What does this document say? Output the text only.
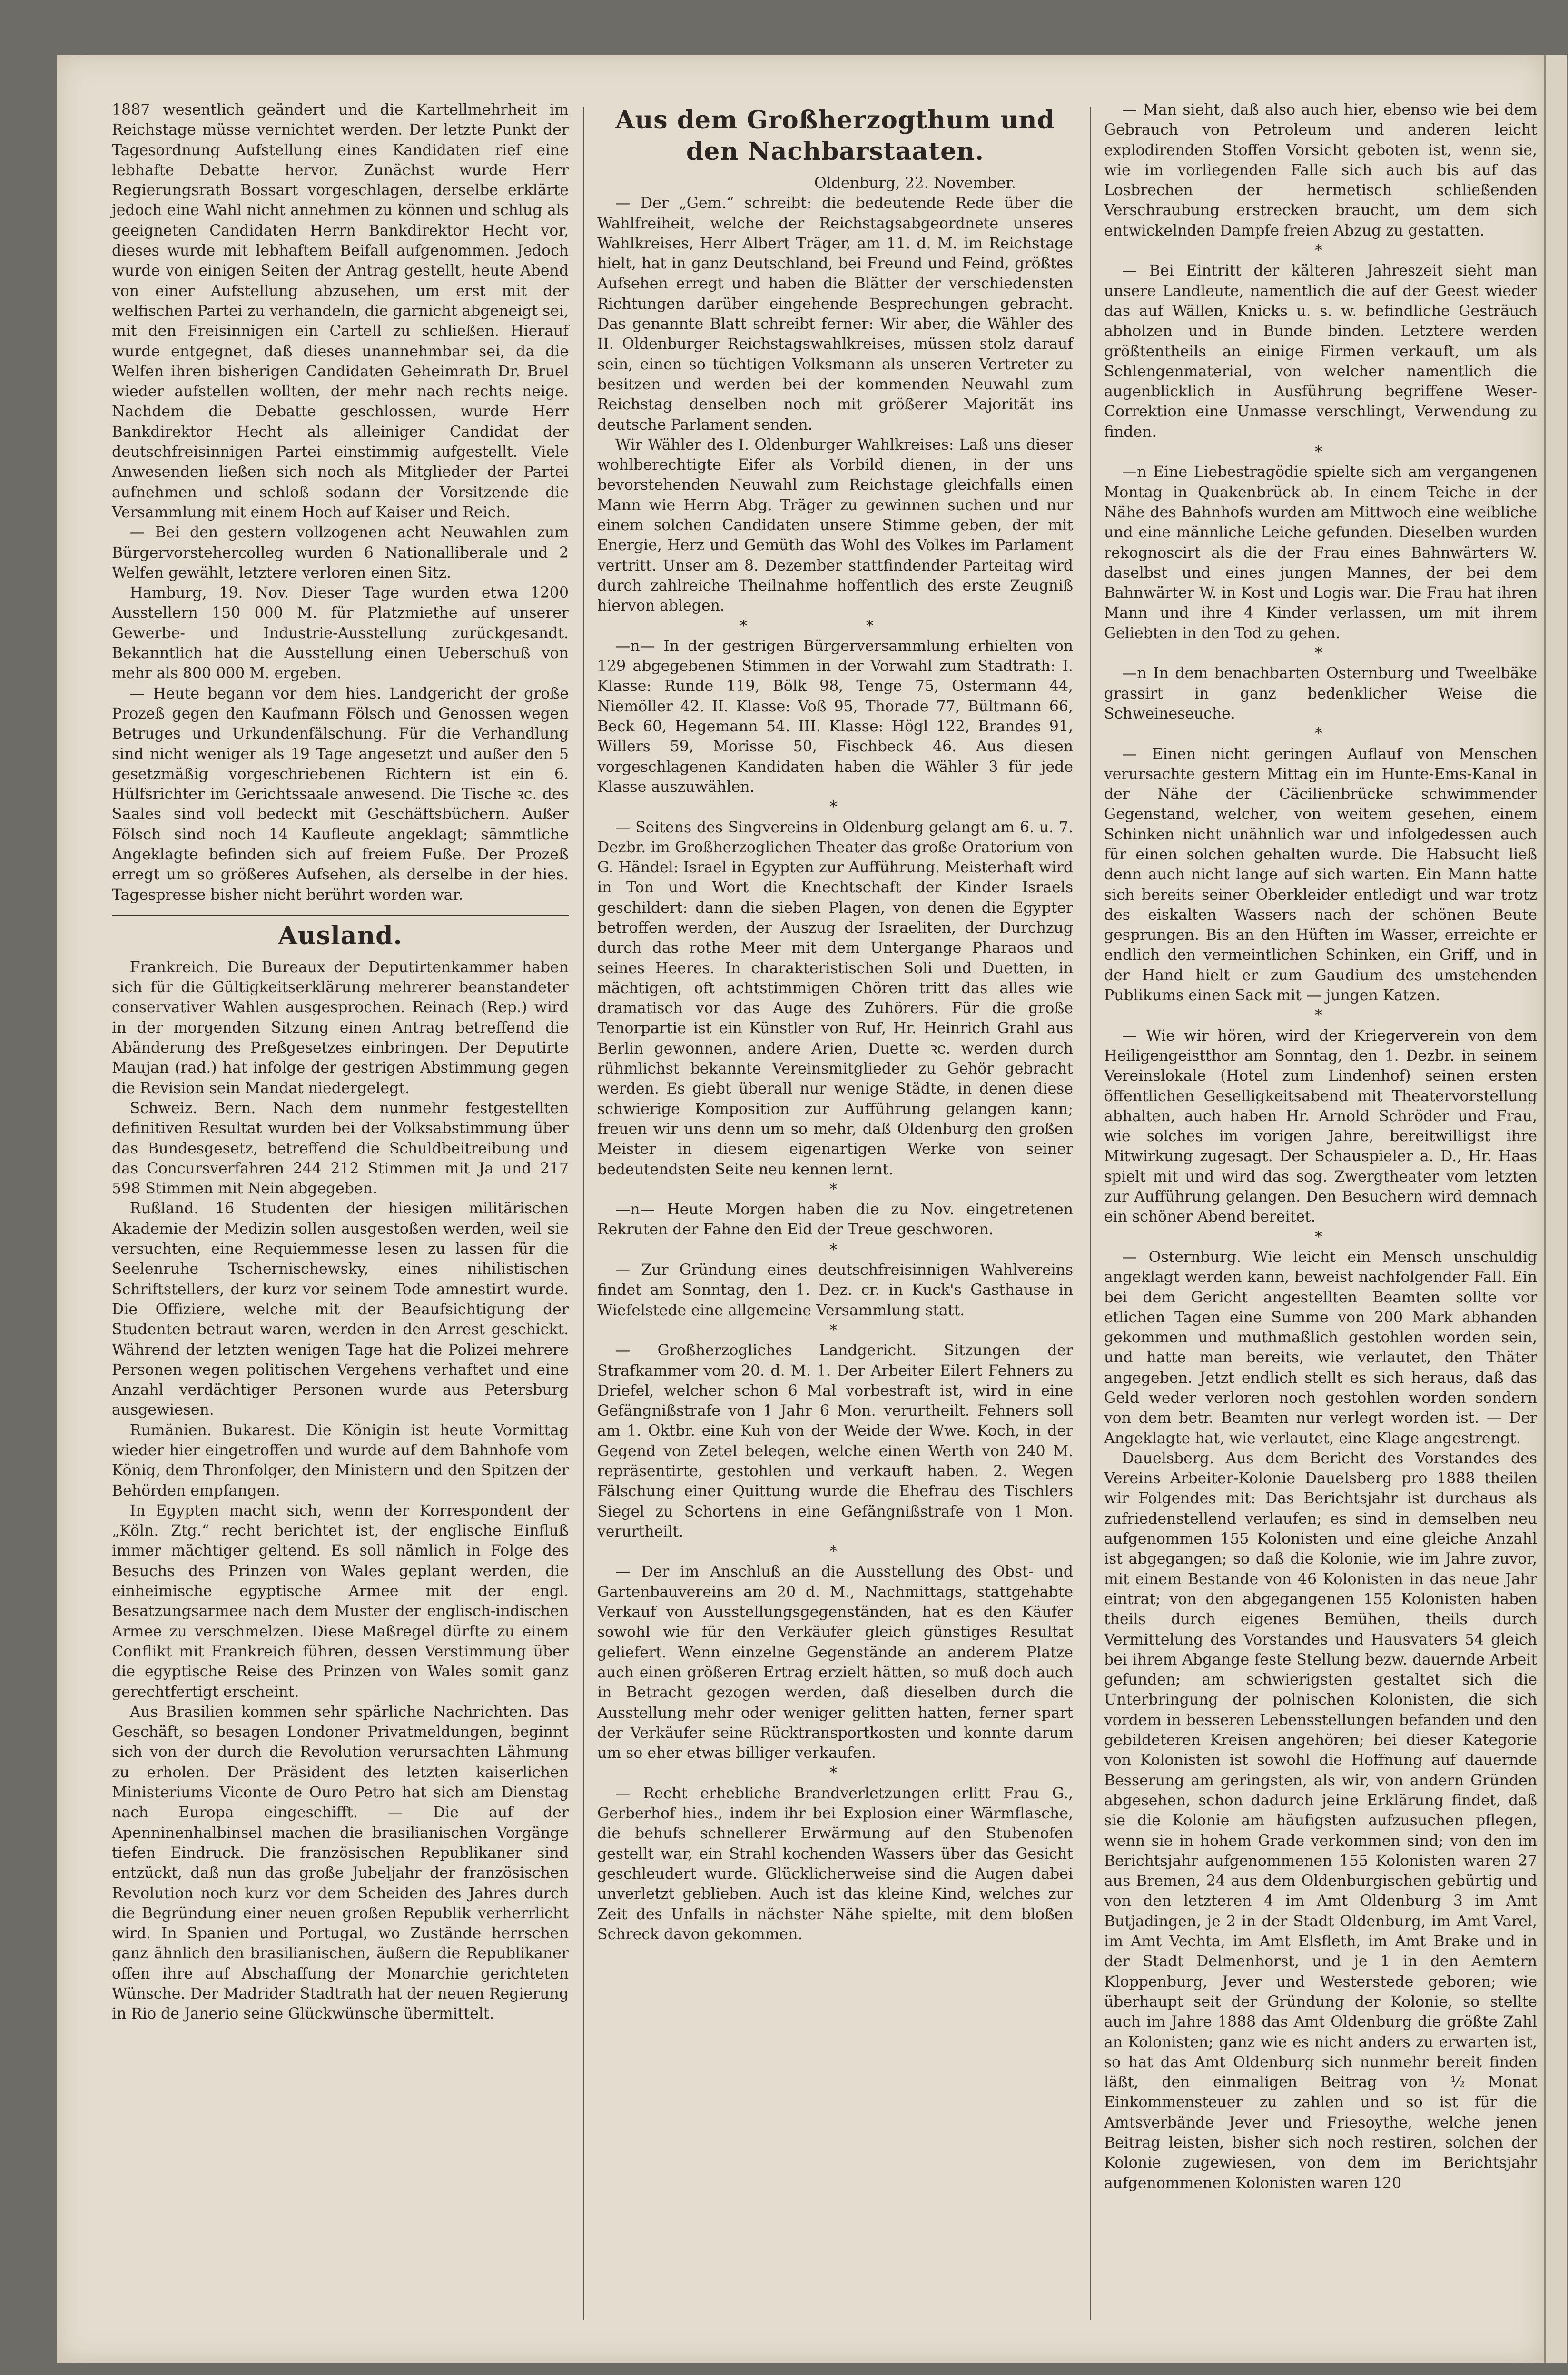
1887 wesentlich geändert und die Kartellmehrheit im Reichstage müsse vernichtet werden. Der letzte Punkt der Tagesordnung Aufstellung eines Kandidaten rief eine lebhafte Debatte hervor. Zunächst wurde Herr Regierungsrath Bossart vorgeschlagen, derselbe erklärte jedoch eine Wahl nicht annehmen zu können und schlug als geeigneten Candidaten Herrn Bankdirektor Hecht vor, dieses wurde mit lebhaftem Beifall aufgenommen. Jedoch wurde von einigen Seiten der Antrag gestellt, heute Abend von einer Aufstellung abzusehen, um erst mit der welfischen Partei zu verhandeln, die garnicht abgeneigt sei, mit den Freisinnigen ein Cartell zu schließen. Hierauf wurde entgegnet, daß dieses unannehmbar sei, da die Welfen ihren bisherigen Candidaten Geheimrath Dr. Bruel wieder aufstellen wollten, der mehr nach rechts neige. Nachdem die Debatte geschlossen, wurde Herr Bankdirektor Hecht als alleiniger Candidat der deutschfreisinnigen Partei einstimmig aufgestellt. Viele Anwesenden ließen sich noch als Mitglieder der Partei aufnehmen und schloß sodann der Vorsitzende die Versammlung mit einem Hoch auf Kaiser und Reich.

— Bei den gestern vollzogenen acht Neuwahlen zum Bürgervorstehercolleg wurden 6 Nationalliberale und 2 Welfen gewählt, letztere verloren einen Sitz.

Hamburg, 19. Nov. Dieser Tage wurden etwa 1200 Ausstellern 150 000 M. für Platzmiethe auf unserer Gewerbe- und Industrie-Ausstellung zurückgesandt. Bekanntlich hat die Ausstellung einen Ueberschuß von mehr als 800 000 M. ergeben.

— Heute begann vor dem hies. Landgericht der große Prozeß gegen den Kaufmann Fölsch und Genossen wegen Betruges und Urkundenfälschung. Für die Verhandlung sind nicht weniger als 19 Tage angesetzt und außer den 5 gesetzmäßig vorgeschriebenen Richtern ist ein 6. Hülfsrichter im Gerichtssaale anwesend. Die Tische ꝛc. des Saales sind voll bedeckt mit Geschäftsbüchern. Außer Fölsch sind noch 14 Kaufleute angeklagt; sämmtliche Angeklagte befinden sich auf freiem Fuße. Der Prozeß erregt um so größeres Aufsehen, als derselbe in der hies. Tagespresse bisher nicht berührt worden war.

Ausland.

Frankreich. Die Bureaux der Deputirtenkammer haben sich für die Gültigkeitserklärung mehrerer beanstandeter conservativer Wahlen ausgesprochen. Reinach (Rep.) wird in der morgenden Sitzung einen Antrag betreffend die Abänderung des Preßgesetzes einbringen. Der Deputirte Maujan (rad.) hat infolge der gestrigen Abstimmung gegen die Revision sein Mandat niedergelegt.

Schweiz. Bern. Nach dem nunmehr festgestellten definitiven Resultat wurden bei der Volksabstimmung über das Bundesgesetz, betreffend die Schuldbeitreibung und das Concursverfahren 244 212 Stimmen mit Ja und 217 598 Stimmen mit Nein abgegeben.

Rußland. 16 Studenten der hiesigen militärischen Akademie der Medizin sollen ausgestoßen werden, weil sie versuchten, eine Requiemmesse lesen zu lassen für die Seelenruhe Tschernischewsky, eines nihilistischen Schriftstellers, der kurz vor seinem Tode amnestirt wurde. Die Offiziere, welche mit der Beaufsichtigung der Studenten betraut waren, werden in den Arrest geschickt. Während der letzten wenigen Tage hat die Polizei mehrere Personen wegen politischen Vergehens verhaftet und eine Anzahl verdächtiger Personen wurde aus Petersburg ausgewiesen.

Rumänien. Bukarest. Die Königin ist heute Vormittag wieder hier eingetroffen und wurde auf dem Bahnhofe vom König, dem Thronfolger, den Ministern und den Spitzen der Behörden empfangen.

In Egypten macht sich, wenn der Korrespondent der „Köln. Ztg.“ recht berichtet ist, der englische Einfluß immer mächtiger geltend. Es soll nämlich in Folge des Besuchs des Prinzen von Wales geplant werden, die einheimische egyptische Armee mit der engl. Besatzungsarmee nach dem Muster der englisch-indischen Armee zu verschmelzen. Diese Maßregel dürfte zu einem Conflikt mit Frankreich führen, dessen Verstimmung über die egyptische Reise des Prinzen von Wales somit ganz gerechtfertigt erscheint.

Aus Brasilien kommen sehr spärliche Nachrichten. Das Geschäft, so besagen Londoner Privatmeldungen, beginnt sich von der durch die Revolution verursachten Lähmung zu erholen. Der Präsident des letzten kaiserlichen Ministeriums Viconte de Ouro Petro hat sich am Dienstag nach Europa eingeschifft. — Die auf der Apenninenhalbinsel machen die brasilianischen Vorgänge tiefen Eindruck. Die französischen Republikaner sind entzückt, daß nun das große Jubeljahr der französischen Revolution noch kurz vor dem Scheiden des Jahres durch die Begründung einer neuen großen Republik verherrlicht wird. In Spanien und Portugal, wo Zustände herrschen ganz ähnlich den brasilianischen, äußern die Republikaner offen ihre auf Abschaffung der Monarchie gerichteten Wünsche. Der Madrider Stadtrath hat der neuen Regierung in Rio de Janerio seine Glückwünsche übermittelt.

Aus dem Großherzogthum und den Nachbarstaaten.

Oldenburg, 22. November.

— Der „Gem.“ schreibt: die bedeutende Rede über die Wahlfreiheit, welche der Reichstagsabgeordnete unseres Wahlkreises, Herr Albert Träger, am 11. d. M. im Reichstage hielt, hat in ganz Deutschland, bei Freund und Feind, größtes Aufsehen erregt und haben die Blätter der verschiedensten Richtungen darüber eingehende Besprechungen gebracht. Das genannte Blatt schreibt ferner: Wir aber, die Wähler des II. Oldenburger Reichstagswahlkreises, müssen stolz darauf sein, einen so tüchtigen Volksmann als unseren Vertreter zu besitzen und werden bei der kommenden Neuwahl zum Reichstag denselben noch mit größerer Majorität ins deutsche Parlament senden.

Wir Wähler des I. Oldenburger Wahlkreises: Laß uns dieser wohlberechtigte Eifer als Vorbild dienen, in der uns bevorstehenden Neuwahl zum Reichstage gleichfalls einen Mann wie Herrn Abg. Träger zu gewinnen suchen und nur einem solchen Candidaten unsere Stimme geben, der mit Energie, Herz und Gemüth das Wohl des Volkes im Parlament vertritt. Unser am 8. Dezember stattfindender Parteitag wird durch zahlreiche Theilnahme hoffentlich des erste Zeugniß hiervon ablegen.

* *

—n— In der gestrigen Bürgerversammlung erhielten von 129 abgegebenen Stimmen in der Vorwahl zum Stadtrath: I. Klasse: Runde 119, Bölk 98, Tenge 75, Ostermann 44, Niemöller 42. II. Klasse: Voß 95, Thorade 77, Bültmann 66, Beck 60, Hegemann 54. III. Klasse: Högl 122, Brandes 91, Willers 59, Morisse 50, Fischbeck 46. Aus diesen vorgeschlagenen Kandidaten haben die Wähler 3 für jede Klasse auszuwählen.

*

— Seitens des Singvereins in Oldenburg gelangt am 6. u. 7. Dezbr. im Großherzoglichen Theater das große Oratorium von G. Händel: Israel in Egypten zur Aufführung. Meisterhaft wird in Ton und Wort die Knechtschaft der Kinder Israels geschildert: dann die sieben Plagen, von denen die Egypter betroffen werden, der Auszug der Israeliten, der Durchzug durch das rothe Meer mit dem Untergange Pharaos und seines Heeres. In charakteristischen Soli und Duetten, in mächtigen, oft achtstimmigen Chören tritt das alles wie dramatisch vor das Auge des Zuhörers. Für die große Tenorpartie ist ein Künstler von Ruf, Hr. Heinrich Grahl aus Berlin gewonnen, andere Arien, Duette ꝛc. werden durch rühmlichst bekannte Vereinsmitglieder zu Gehör gebracht werden. Es giebt überall nur wenige Städte, in denen diese schwierige Komposition zur Aufführung gelangen kann; freuen wir uns denn um so mehr, daß Oldenburg den großen Meister in diesem eigenartigen Werke von seiner bedeutendsten Seite neu kennen lernt.

*

—n— Heute Morgen haben die zu Nov. eingetretenen Rekruten der Fahne den Eid der Treue geschworen.

*

— Zur Gründung eines deutschfreisinnigen Wahlvereins findet am Sonntag, den 1. Dez. cr. in Kuck's Gasthause in Wiefelstede eine allgemeine Versammlung statt.

*

— Großherzogliches Landgericht. Sitzungen der Strafkammer vom 20. d. M. 1. Der Arbeiter Eilert Fehners zu Driefel, welcher schon 6 Mal vorbestraft ist, wird in eine Gefängnißstrafe von 1 Jahr 6 Mon. verurtheilt. Fehners soll am 1. Oktbr. eine Kuh von der Weide der Wwe. Koch, in der Gegend von Zetel belegen, welche einen Werth von 240 M. repräsentirte, gestohlen und verkauft haben. 2. Wegen Fälschung einer Quittung wurde die Ehefrau des Tischlers Siegel zu Schortens in eine Gefängnißstrafe von 1 Mon. verurtheilt.

*

— Der im Anschluß an die Ausstellung des Obst- und Gartenbauvereins am 20 d. M., Nachmittags, stattgehabte Verkauf von Ausstellungsgegenständen, hat es den Käufer sowohl wie für den Verkäufer gleich günstiges Resultat geliefert. Wenn einzelne Gegenstände an anderem Platze auch einen größeren Ertrag erzielt hätten, so muß doch auch in Betracht gezogen werden, daß dieselben durch die Ausstellung mehr oder weniger gelitten hatten, ferner spart der Verkäufer seine Rücktransportkosten und konnte darum um so eher etwas billiger verkaufen.

*

— Recht erhebliche Brandverletzungen erlitt Frau G., Gerberhof hies., indem ihr bei Explosion einer Wärmflasche, die behufs schnellerer Erwärmung auf den Stubenofen gestellt war, ein Strahl kochenden Wassers über das Gesicht geschleudert wurde. Glücklicherweise sind die Augen dabei unverletzt geblieben. Auch ist das kleine Kind, welches zur Zeit des Unfalls in nächster Nähe spielte, mit dem bloßen Schreck davon gekommen.

— Man sieht, daß also auch hier, ebenso wie bei dem Gebrauch von Petroleum und anderen leicht explodirenden Stoffen Vorsicht geboten ist, wenn sie, wie im vorliegenden Falle sich auch bis auf das Losbrechen der hermetisch schließenden Verschraubung erstrecken braucht, um dem sich entwickelnden Dampfe freien Abzug zu gestatten.

*

— Bei Eintritt der kälteren Jahreszeit sieht man unsere Landleute, namentlich die auf der Geest wieder das auf Wällen, Knicks u. s. w. befindliche Gesträuch abholzen und in Bunde binden. Letztere werden größtentheils an einige Firmen verkauft, um als Schlengenmaterial, von welcher namentlich die augenblicklich in Ausführung begriffene Weser-Correktion eine Unmasse verschlingt, Verwendung zu finden.

*

—n Eine Liebestragödie spielte sich am vergangenen Montag in Quakenbrück ab. In einem Teiche in der Nähe des Bahnhofs wurden am Mittwoch eine weibliche und eine männliche Leiche gefunden. Dieselben wurden rekognoscirt als die der Frau eines Bahnwärters W. daselbst und eines jungen Mannes, der bei dem Bahnwärter W. in Kost und Logis war. Die Frau hat ihren Mann und ihre 4 Kinder verlassen, um mit ihrem Geliebten in den Tod zu gehen.

*

—n In dem benachbarten Osternburg und Tweelbäke grassirt in ganz bedenklicher Weise die Schweineseuche.

*

— Einen nicht geringen Auflauf von Menschen verursachte gestern Mittag ein im Hunte-Ems-Kanal in der Nähe der Cäcilienbrücke schwimmender Gegenstand, welcher, von weitem gesehen, einem Schinken nicht unähnlich war und infolgedessen auch für einen solchen gehalten wurde. Die Habsucht ließ denn auch nicht lange auf sich warten. Ein Mann hatte sich bereits seiner Oberkleider entledigt und war trotz des eiskalten Wassers nach der schönen Beute gesprungen. Bis an den Hüften im Wasser, erreichte er endlich den vermeintlichen Schinken, ein Griff, und in der Hand hielt er zum Gaudium des umstehenden Publikums einen Sack mit — jungen Katzen.

*

— Wie wir hören, wird der Kriegerverein von dem Heiligengeistthor am Sonntag, den 1. Dezbr. in seinem Vereinslokale (Hotel zum Lindenhof) seinen ersten öffentlichen Geselligkeitsabend mit Theatervorstellung abhalten, auch haben Hr. Arnold Schröder und Frau, wie solches im vorigen Jahre, bereitwilligst ihre Mitwirkung zugesagt. Der Schauspieler a. D., Hr. Haas spielt mit und wird das sog. Zwergtheater vom letzten zur Aufführung gelangen. Den Besuchern wird demnach ein schöner Abend bereitet.

*

— Osternburg. Wie leicht ein Mensch unschuldig angeklagt werden kann, beweist nachfolgender Fall. Ein bei dem Gericht angestellten Beamten sollte vor etlichen Tagen eine Summe von 200 Mark abhanden gekommen und muthmaßlich gestohlen worden sein, und hatte man bereits, wie verlautet, den Thäter angegeben. Jetzt endlich stellt es sich heraus, daß das Geld weder verloren noch gestohlen worden sondern von dem betr. Beamten nur verlegt worden ist. — Der Angeklagte hat, wie verlautet, eine Klage angestrengt.

Dauelsberg. Aus dem Bericht des Vorstandes des Vereins Arbeiter-Kolonie Dauelsberg pro 1888 theilen wir Folgendes mit: Das Berichtsjahr ist durchaus als zufriedenstellend verlaufen; es sind in demselben neu aufgenommen 155 Kolonisten und eine gleiche Anzahl ist abgegangen; so daß die Kolonie, wie im Jahre zuvor, mit einem Bestande von 46 Kolonisten in das neue Jahr eintrat; von den abgegangenen 155 Kolonisten haben theils durch eigenes Bemühen, theils durch Vermittelung des Vorstandes und Hausvaters 54 gleich bei ihrem Abgange feste Stellung bezw. dauernde Arbeit gefunden; am schwierigsten gestaltet sich die Unterbringung der polnischen Kolonisten, die sich vordem in besseren Lebensstellungen befanden und den gebildeteren Kreisen angehören; bei dieser Kategorie von Kolonisten ist sowohl die Hoffnung auf dauernde Besserung am geringsten, als wir, von andern Gründen abgesehen, schon dadurch jeine Erklärung findet, daß sie die Kolonie am häufigsten aufzusuchen pflegen, wenn sie in hohem Grade verkommen sind; von den im Berichtsjahr aufgenommenen 155 Kolonisten waren 27 aus Bremen, 24 aus dem Oldenburgischen gebürtig und von den letzteren 4 im Amt Oldenburg 3 im Amt Butjadingen, je 2 in der Stadt Oldenburg, im Amt Varel, im Amt Vechta, im Amt Elsfleth, im Amt Brake und in der Stadt Delmenhorst, und je 1 in den Aemtern Kloppenburg, Jever und Westerstede geboren; wie überhaupt seit der Gründung der Kolonie, so stellte auch im Jahre 1888 das Amt Oldenburg die größte Zahl an Kolonisten; ganz wie es nicht anders zu erwarten ist, so hat das Amt Oldenburg sich nunmehr bereit finden läßt, den einmaligen Beitrag von ½ Monat Einkommensteuer zu zahlen und so ist für die Amtsverbände Jever und Friesoythe, welche jenen Beitrag leisten, bisher sich noch restiren, solchen der Kolonie zugewiesen, von dem im Berichtsjahr aufgenommenen Kolonisten waren 120
